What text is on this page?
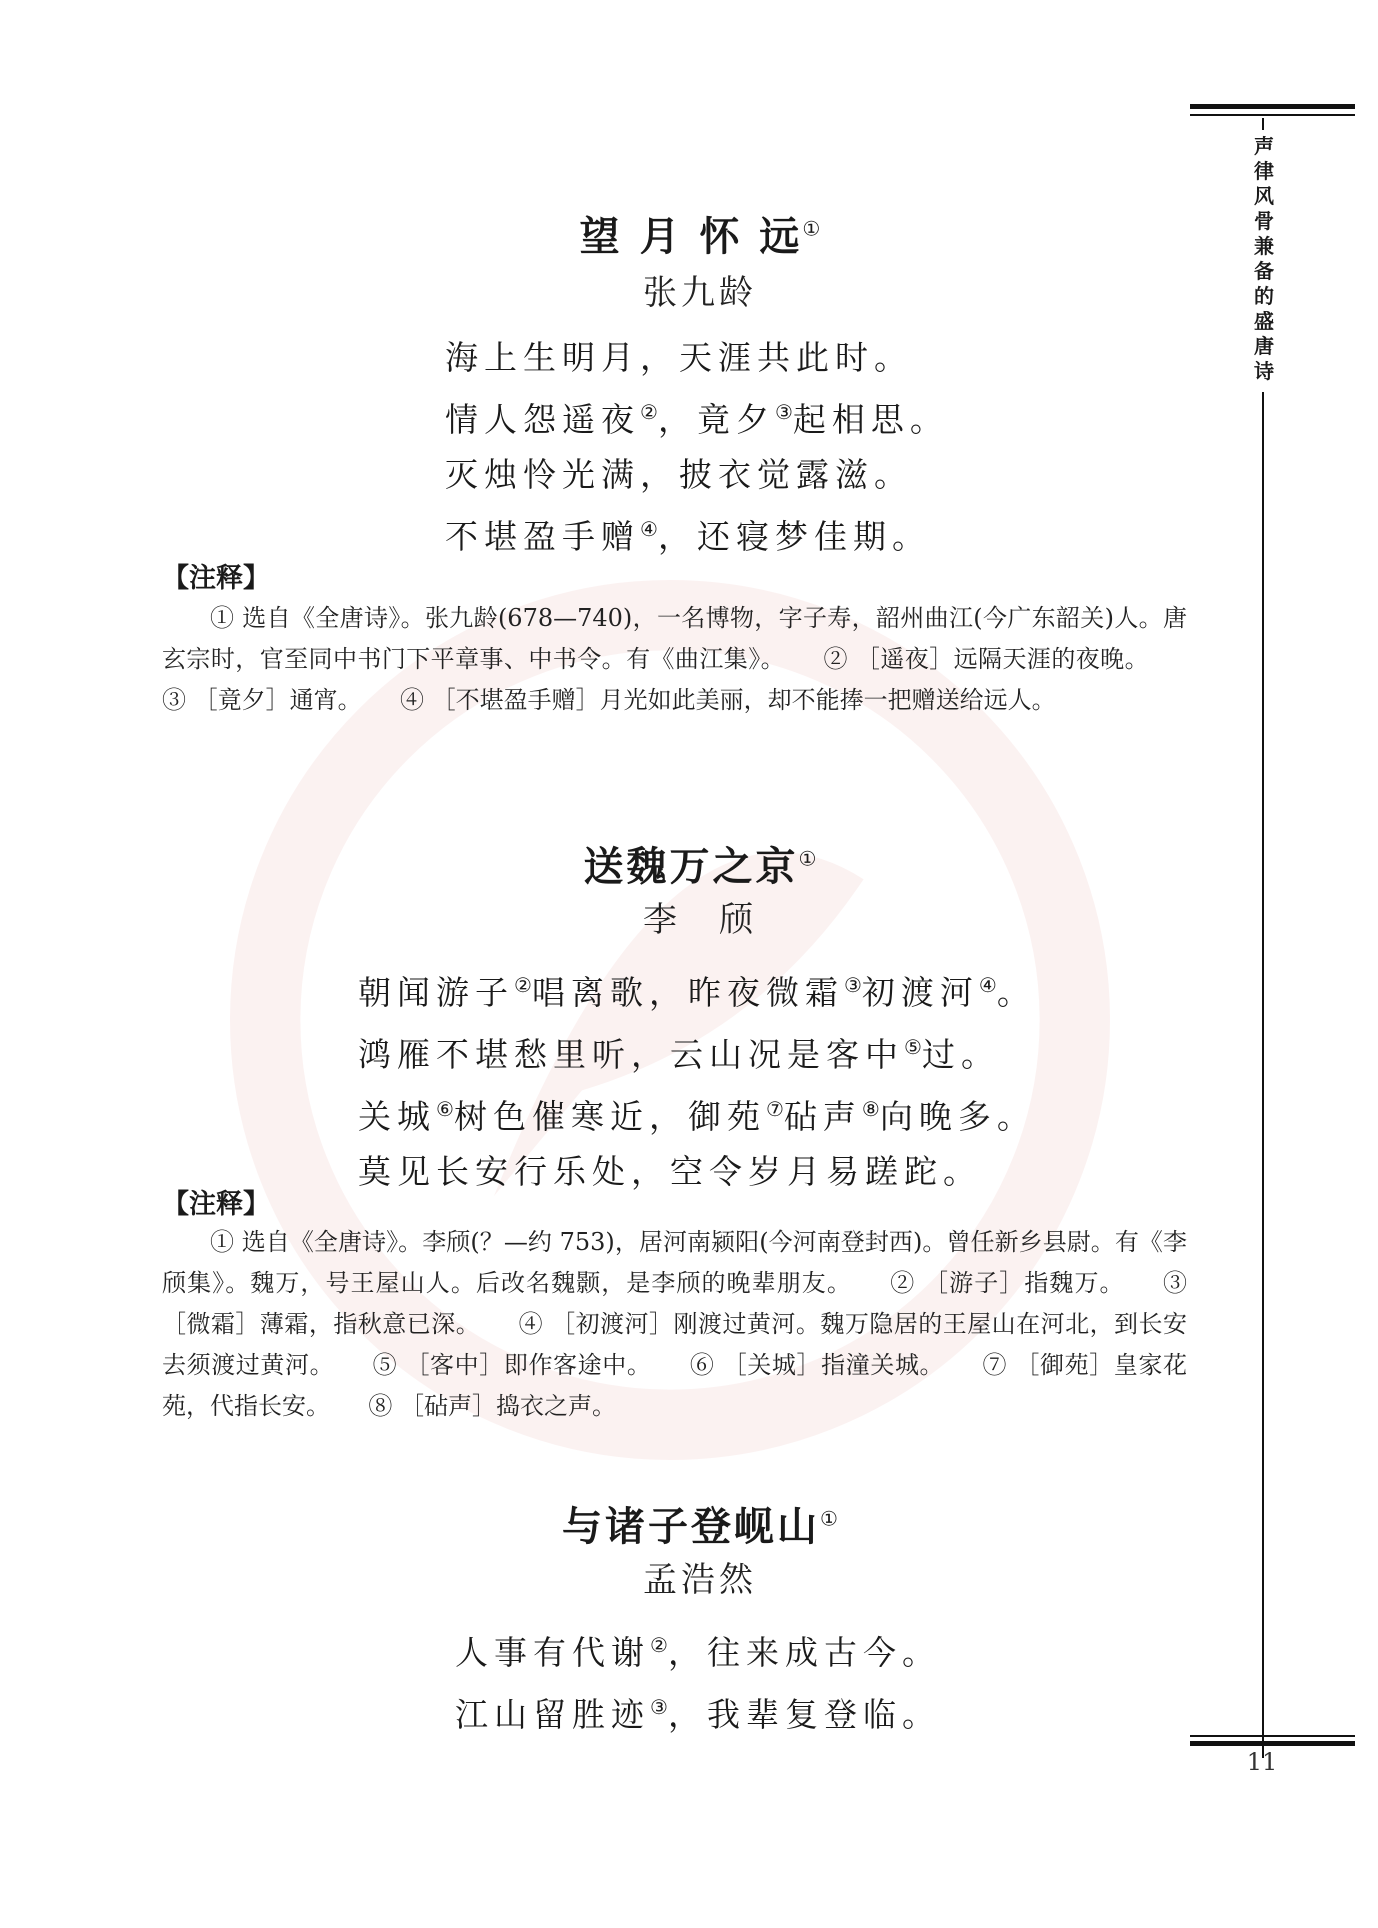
声律风骨兼备的盛唐诗
11
望 月 怀 远①
张九龄
海上生明月，天涯共此时。
情人怨遥夜②，竟夕③起相思。
灭烛怜光满，披衣觉露滋。
不堪盈手赠④，还寝梦佳期。
【注释】
① 选自《全唐诗》。张九龄(678—740)，一名博物，字子寿，韶州曲江(今广东韶关)人。唐玄宗时，官至同中书门下平章事、中书令。有《曲江集》。 ② ［遥夜］远隔天涯的夜晚。③ ［竟夕］通宵。 ④ ［不堪盈手赠］月光如此美丽，却不能捧一把赠送给远人。
送魏万之京①
李　颀
朝闻游子②唱离歌，昨夜微霜③初渡河④。
鸿雁不堪愁里听，云山况是客中⑤过。
关城⑥树色催寒近，御苑⑦砧声⑧向晚多。
莫见长安行乐处，空令岁月易蹉跎。
【注释】
① 选自《全唐诗》。李颀(？—约 753)，居河南颍阳(今河南登封西)。曾任新乡县尉。有《李颀集》。魏万，号王屋山人。后改名魏颢，是李颀的晚辈朋友。 ② ［游子］指魏万。 ③ ［微霜］薄霜，指秋意已深。 ④ ［初渡河］刚渡过黄河。魏万隐居的王屋山在河北，到长安去须渡过黄河。 ⑤ ［客中］即作客途中。 ⑥ ［关城］指潼关城。 ⑦ ［御苑］皇家花苑，代指长安。 ⑧ ［砧声］捣衣之声。
与诸子登岘山①
孟浩然
人事有代谢②，往来成古今。
江山留胜迹③，我辈复登临。
